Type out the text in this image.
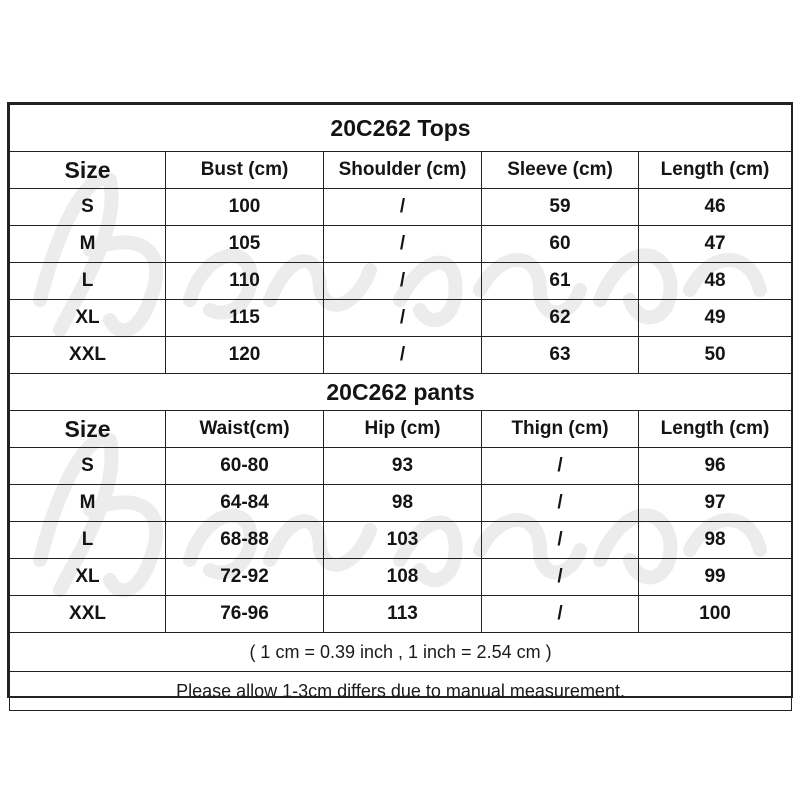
20C262 Tops				
Size	Bust (cm)	Shoulder (cm)	Sleeve (cm)	Length (cm)
S	100	/	59	46
M	105	/	60	47
L	110	/	61	48
XL	115	/	62	49
XXL	120	/	63	50
20C262 pants				
Size	Waist(cm)	Hip (cm)	Thign (cm)	Length (cm)
S	60-80	93	/	96
M	64-84	98	/	97
L	68-88	103	/	98
XL	72-92	108	/	99
XXL	76-96	113	/	100
( 1 cm = 0.39 inch , 1 inch = 2.54 cm )				
Please allow 1-3cm differs due to manual measurement.				
